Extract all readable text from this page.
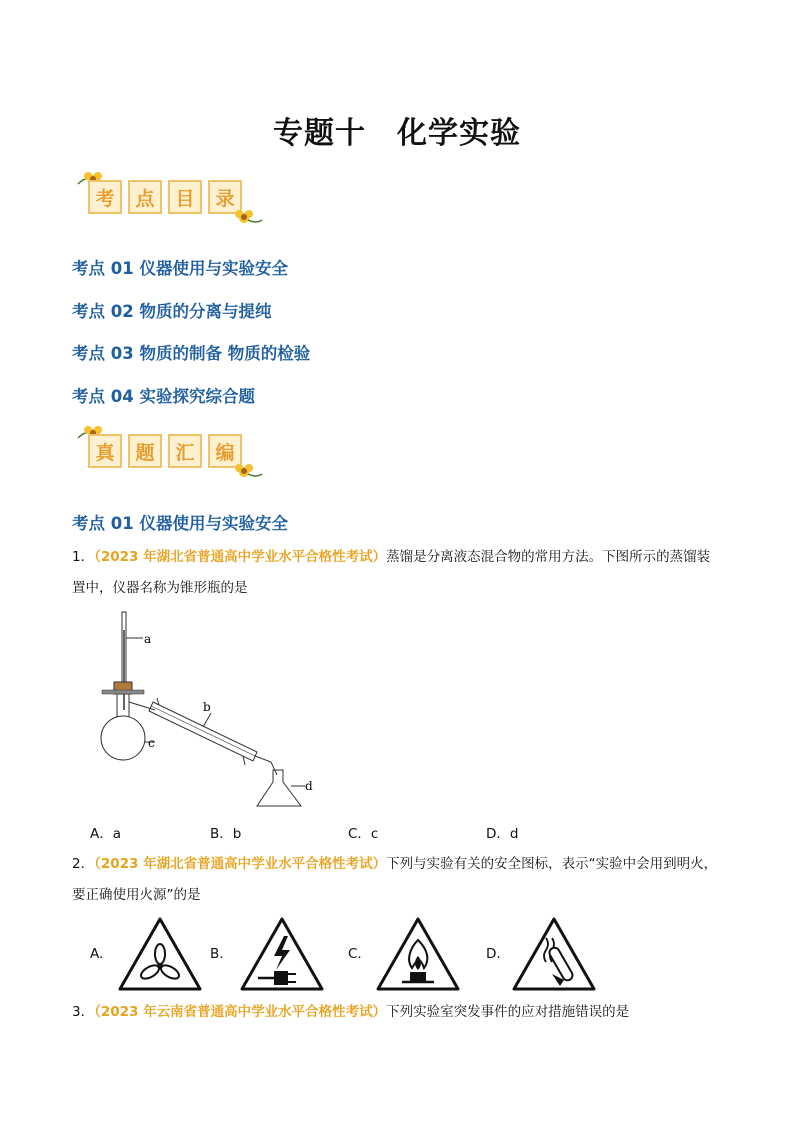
专题十　化学实验
考	点	目	录
考点 01 仪器使用与实验安全
考点 02 物质的分离与提纯
考点 03 物质的制备 物质的检验
考点 04 实验探究综合题
真	题	汇	编
考点 01 仪器使用与实验安全
1．（2023 年湖北省普通高中学业水平合格性考试）蒸馏是分离液态混合物的常用方法。下图所示的蒸馏装
置中，仪器名称为锥形瓶的是
a
c
b
d
A．a	B．b	C．c	D．d
2．（2023 年湖北省普通高中学业水平合格性考试）下列与实验有关的安全图标，表示“实验中会用到明火，
要正确使用火源”的是
A.	B.	C.	D.
3．（2023 年云南省普通高中学业水平合格性考试）下列实验室突发事件的应对措施错误的是
